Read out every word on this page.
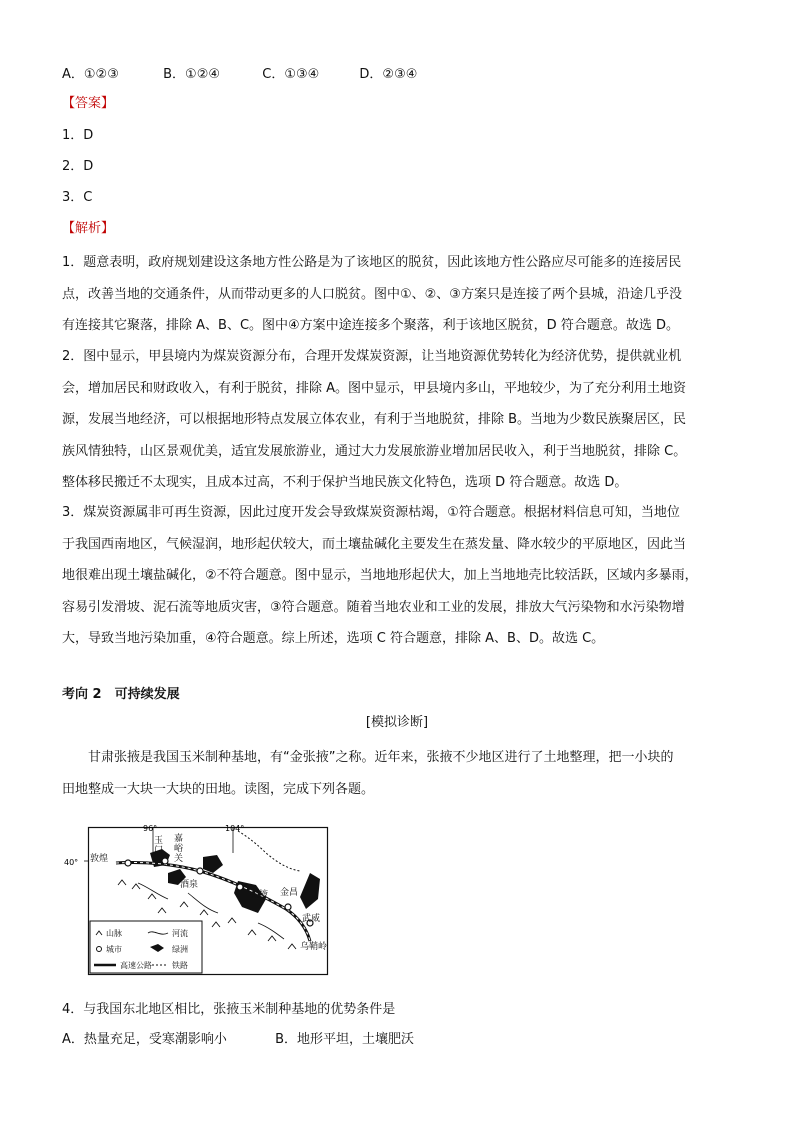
A．①②③	B．①②④	C．①③④	D．②③④
【答案】
1．D
2．D
3．C
【解析】
1．题意表明，政府规划建设这条地方性公路是为了该地区的脱贫，因此该地方性公路应尽可能多的连接居民
点，改善当地的交通条件，从而带动更多的人口脱贫。图中①、②、③方案只是连接了两个县城，沿途几乎没
有连接其它聚落，排除 A、B、C。图中④方案中途连接多个聚落，利于该地区脱贫，D 符合题意。故选 D。
2．图中显示，甲县境内为煤炭资源分布，合理开发煤炭资源，让当地资源优势转化为经济优势，提供就业机
会，增加居民和财政收入，有利于脱贫，排除 A。图中显示，甲县境内多山，平地较少，为了充分利用土地资
源，发展当地经济，可以根据地形特点发展立体农业，有利于当地脱贫，排除 B。当地为少数民族聚居区，民
族风情独特，山区景观优美，适宜发展旅游业，通过大力发展旅游业增加居民收入，利于当地脱贫，排除 C。
整体移民搬迁不太现实，且成本过高，不利于保护当地民族文化特色，选项 D 符合题意。故选 D。
3．煤炭资源属非可再生资源，因此过度开发会导致煤炭资源枯竭，①符合题意。根据材料信息可知，当地位
于我国西南地区，气候湿润，地形起伏较大，而土壤盐碱化主要发生在蒸发量、降水较少的平原地区，因此当
地很难出现土壤盐碱化，②不符合题意。图中显示，当地地形起伏大，加上当地地壳比较活跃，区域内多暴雨，
容易引发滑坡、泥石流等地质灾害，③符合题意。随着当地农业和工业的发展，排放大气污染物和水污染物增
大，导致当地污染加重，④符合题意。综上所述，选项 C 符合题意，排除 A、B、D。故选 C。
考向 2　可持续发展
[模拟诊断]
甘肃张掖是我国玉米制种基地，有“金张掖”之称。近年来，张掖不少地区进行了土地整理，把一小块的
田地整成一大块一大块的田地。读图，完成下列各题。
96°	104°
40° 敦煌
玉
门
嘉
峪
关
酒泉
张掖 金昌
武威
乌鞘岭
山脉	河流
城市	绿洲
高速公路	铁路
4．与我国东北地区相比，张掖玉米制种基地的优势条件是
A．热量充足，受寒潮影响小	B．地形平坦，土壤肥沃
